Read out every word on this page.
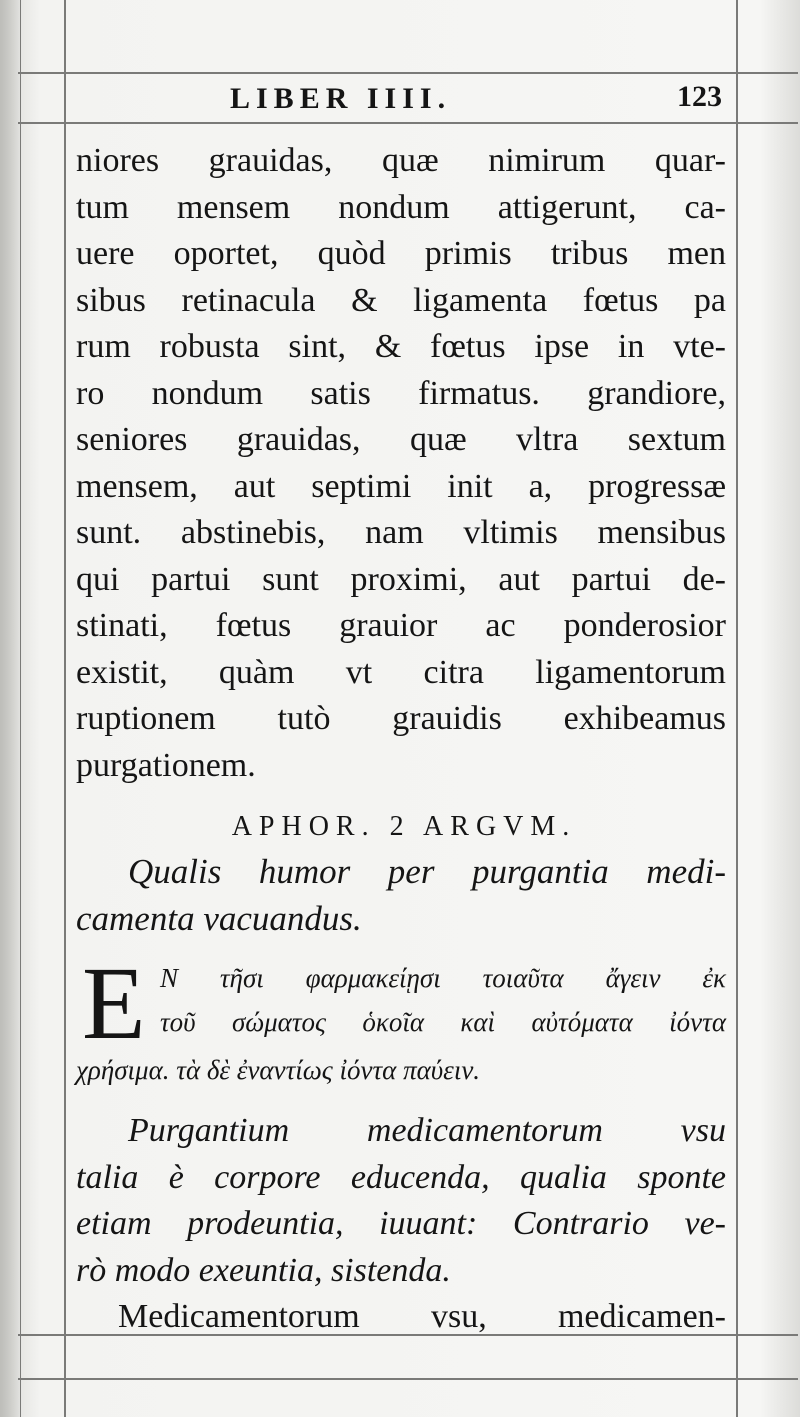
LIBER IIII.	123
niores grauidas, quæ nimirum quar-
tum mensem nondum attigerunt, ca-
uere oportet, quòd primis tribus men
sibus retinacula & ligamenta fœtus pa
rum robusta sint, & fœtus ipse in vte-
ro nondum satis firmatus. grandiore,
seniores grauidas, quæ vltra sextum
mensem, aut septimi init a, progressæ
sunt. abstinebis, nam vltimis mensibus
qui partui sunt proximi, aut partui de-
stinati, fœtus grauior ac ponderosior
existit, quàm vt citra ligamentorum
ruptionem tutò grauidis exhibeamus
purgationem.
APHOR. 2 ARGVM.
Qualis humor per purgantia medi-
camenta vacuandus.
E Ν τῆσι φαρμακείῃσι τοιαῦτα ἄγειν ἐκ
τοῦ σώματος ὁκοῖα καὶ αὐτόματα ἰόντα
χρήσιμα. τὰ δὲ ἐναντίως ἰόντα παύειν.
Purgantium medicamentorum vsu
talia è corpore educenda, qualia sponte
etiam prodeuntia, iuuant: Contrario ve-
rò modo exeuntia, sistenda.
Medicamentorum vsu, medicamen-
